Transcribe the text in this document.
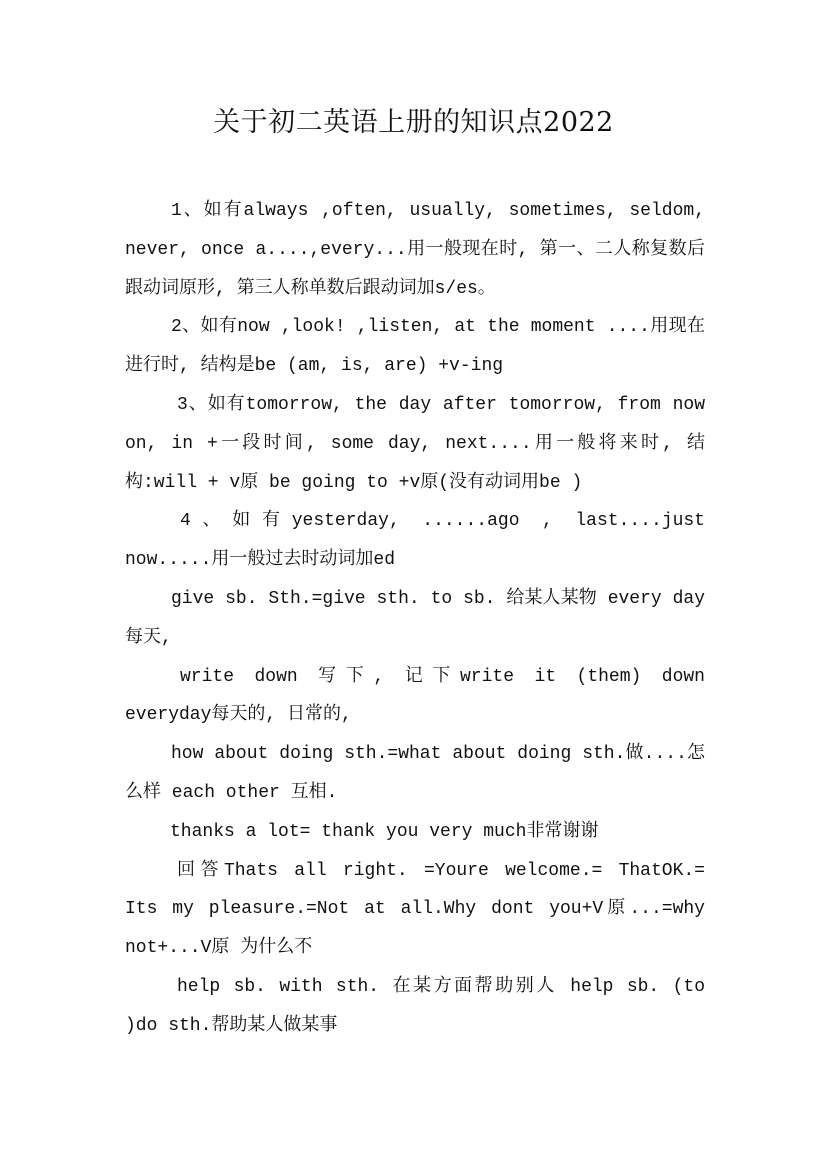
关于初二英语上册的知识点2022

1、如有always ,often, usually, sometimes, seldom, never, once a....,every...用一般现在时, 第一、二人称复数后跟动词原形, 第三人称单数后跟动词加s/es。

2、如有now ,look! ,listen, at the moment ....用现在进行时, 结构是be (am, is, are) +v-ing

3、如有tomorrow, the day after tomorrow, from now on, in +一段时间, some day, next....用一般将来时, 结构:will + v原 be going to +v原(没有动词用be )

4、如有yesterday, ......ago , last....just now.....用一般过去时动词加ed

give sb. Sth.=give sth. to sb. 给某人某物 every day每天,

write down 写下, 记下write it (them) down everyday每天的, 日常的,

how about doing sth.=what about doing sth.做....怎么样 each other 互相.

thanks a lot= thank you very much非常谢谢

回答Thats all right. =Youre welcome.= ThatOK.= Its my pleasure.=Not at all.Why dont you+V原...=why not+...V原 为什么不

help sb. with sth. 在某方面帮助别人 help sb. (to )do sth.帮助某人做某事
